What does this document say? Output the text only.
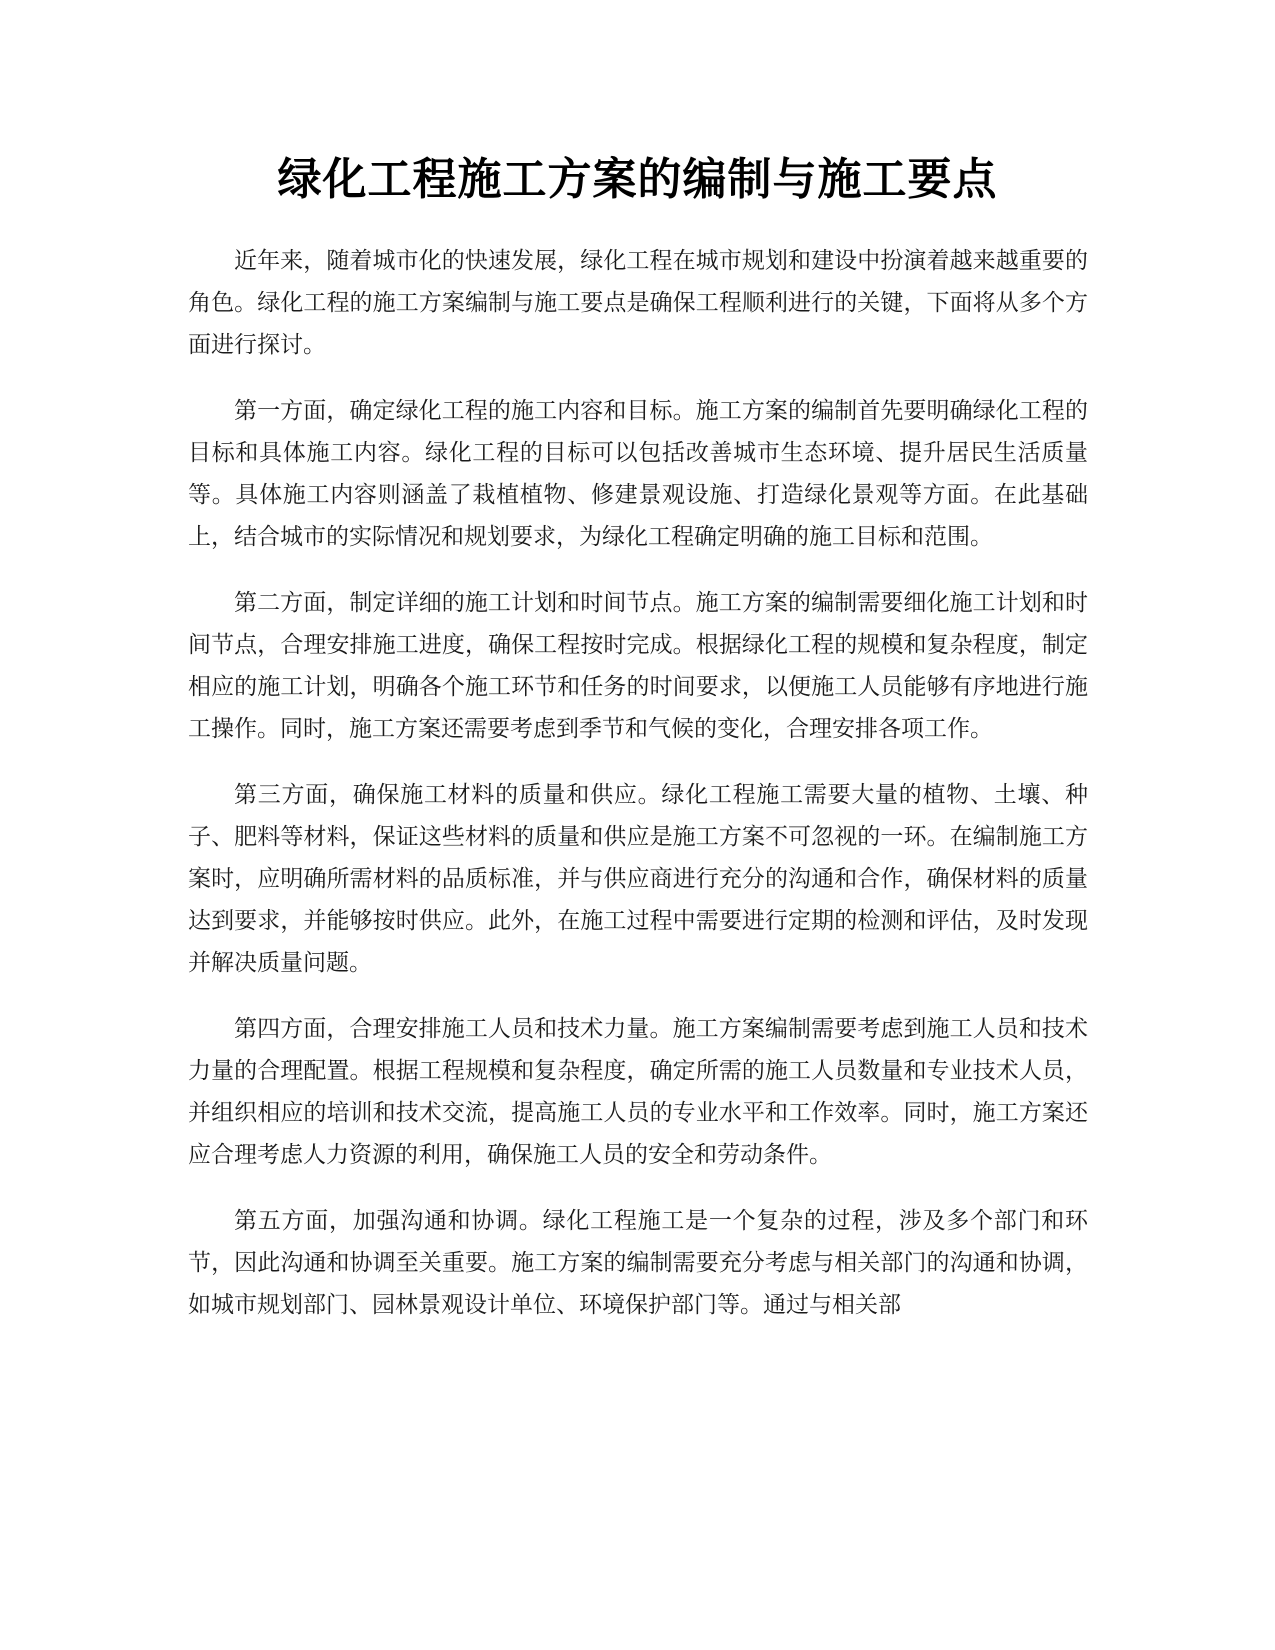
绿化工程施工方案的编制与施工要点

近年来，随着城市化的快速发展，绿化工程在城市规划和建设中扮演着越来越重要的角色。绿化工程的施工方案编制与施工要点是确保工程顺利进行的关键，下面将从多个方面进行探讨。

第一方面，确定绿化工程的施工内容和目标。施工方案的编制首先要明确绿化工程的目标和具体施工内容。绿化工程的目标可以包括改善城市生态环境、提升居民生活质量等。具体施工内容则涵盖了栽植植物、修建景观设施、打造绿化景观等方面。在此基础上，结合城市的实际情况和规划要求，为绿化工程确定明确的施工目标和范围。

第二方面，制定详细的施工计划和时间节点。施工方案的编制需要细化施工计划和时间节点，合理安排施工进度，确保工程按时完成。根据绿化工程的规模和复杂程度，制定相应的施工计划，明确各个施工环节和任务的时间要求，以便施工人员能够有序地进行施工操作。同时，施工方案还需要考虑到季节和气候的变化，合理安排各项工作。

第三方面，确保施工材料的质量和供应。绿化工程施工需要大量的植物、土壤、种子、肥料等材料，保证这些材料的质量和供应是施工方案不可忽视的一环。在编制施工方案时，应明确所需材料的品质标准，并与供应商进行充分的沟通和合作，确保材料的质量达到要求，并能够按时供应。此外，在施工过程中需要进行定期的检测和评估，及时发现并解决质量问题。

第四方面，合理安排施工人员和技术力量。施工方案编制需要考虑到施工人员和技术力量的合理配置。根据工程规模和复杂程度，确定所需的施工人员数量和专业技术人员，并组织相应的培训和技术交流，提高施工人员的专业水平和工作效率。同时，施工方案还应合理考虑人力资源的利用，确保施工人员的安全和劳动条件。

第五方面，加强沟通和协调。绿化工程施工是一个复杂的过程，涉及多个部门和环节，因此沟通和协调至关重要。施工方案的编制需要充分考虑与相关部门的沟通和协调，如城市规划部门、园林景观设计单位、环境保护部门等。通过与相关部
